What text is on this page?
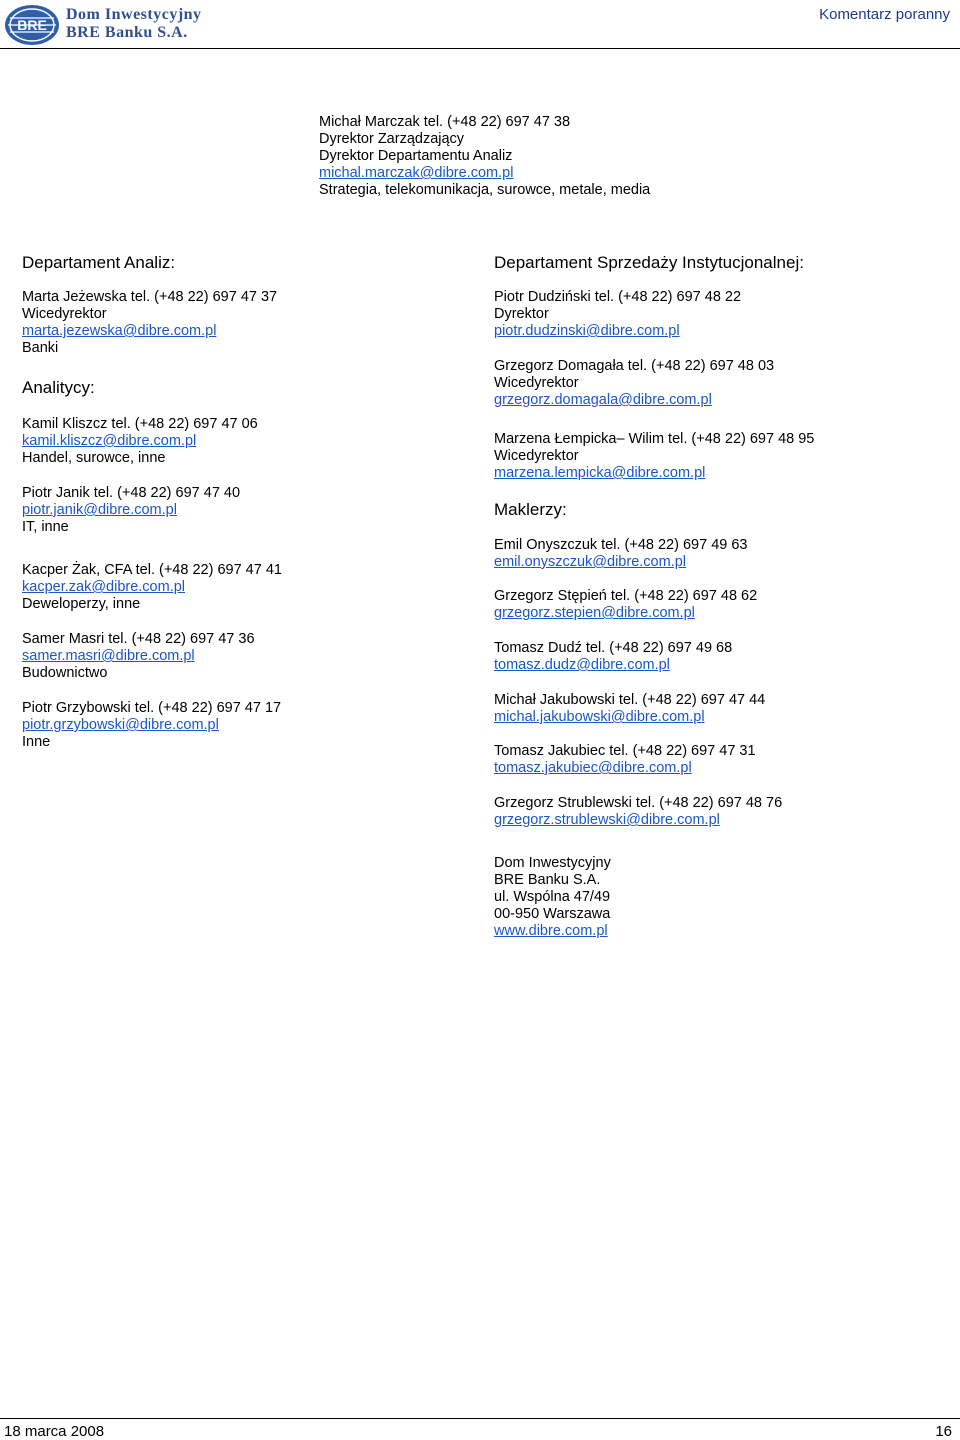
BRE
Dom Inwestycyjny
BRE Banku S.A.
Komentarz poranny
Michał Marczak tel. (+48 22) 697 47 38
Dyrektor Zarządzający
Dyrektor Departamentu Analiz
michal.marczak@dibre.com.pl
Strategia, telekomunikacja, surowce, metale, media
Departament Analiz:
Marta Jeżewska tel. (+48 22) 697 47 37
Wicedyrektor
marta.jezewska@dibre.com.pl
Banki
Analitycy:
Kamil Kliszcz tel. (+48 22) 697 47 06
kamil.kliszcz@dibre.com.pl
Handel, surowce, inne
Piotr Janik tel. (+48 22) 697 47 40
piotr.janik@dibre.com.pl
IT, inne
Kacper Żak, CFA tel. (+48 22) 697 47 41
kacper.zak@dibre.com.pl
Deweloperzy, inne
Samer Masri tel. (+48 22) 697 47 36
samer.masri@dibre.com.pl
Budownictwo
Piotr Grzybowski tel. (+48 22) 697 47 17
piotr.grzybowski@dibre.com.pl
Inne
Departament Sprzedaży Instytucjonalnej:
Piotr Dudziński tel. (+48 22) 697 48 22
Dyrektor
piotr.dudzinski@dibre.com.pl
Grzegorz Domagała tel. (+48 22) 697 48 03
Wicedyrektor
grzegorz.domagala@dibre.com.pl
Marzena Łempicka– Wilim tel. (+48 22) 697 48 95
Wicedyrektor
marzena.lempicka@dibre.com.pl
Maklerzy:
Emil Onyszczuk tel. (+48 22) 697 49 63
emil.onyszczuk@dibre.com.pl
Grzegorz Stępień tel. (+48 22) 697 48 62
grzegorz.stepien@dibre.com.pl
Tomasz Dudź tel. (+48 22) 697 49 68
tomasz.dudz@dibre.com.pl
Michał Jakubowski tel. (+48 22) 697 47 44
michal.jakubowski@dibre.com.pl
Tomasz Jakubiec tel. (+48 22) 697 47 31
tomasz.jakubiec@dibre.com.pl
Grzegorz Strublewski tel. (+48 22) 697 48 76
grzegorz.strublewski@dibre.com.pl
Dom Inwestycyjny
BRE Banku S.A.
ul. Wspólna 47/49
00-950 Warszawa
www.dibre.com.pl
18 marca 2008	16
